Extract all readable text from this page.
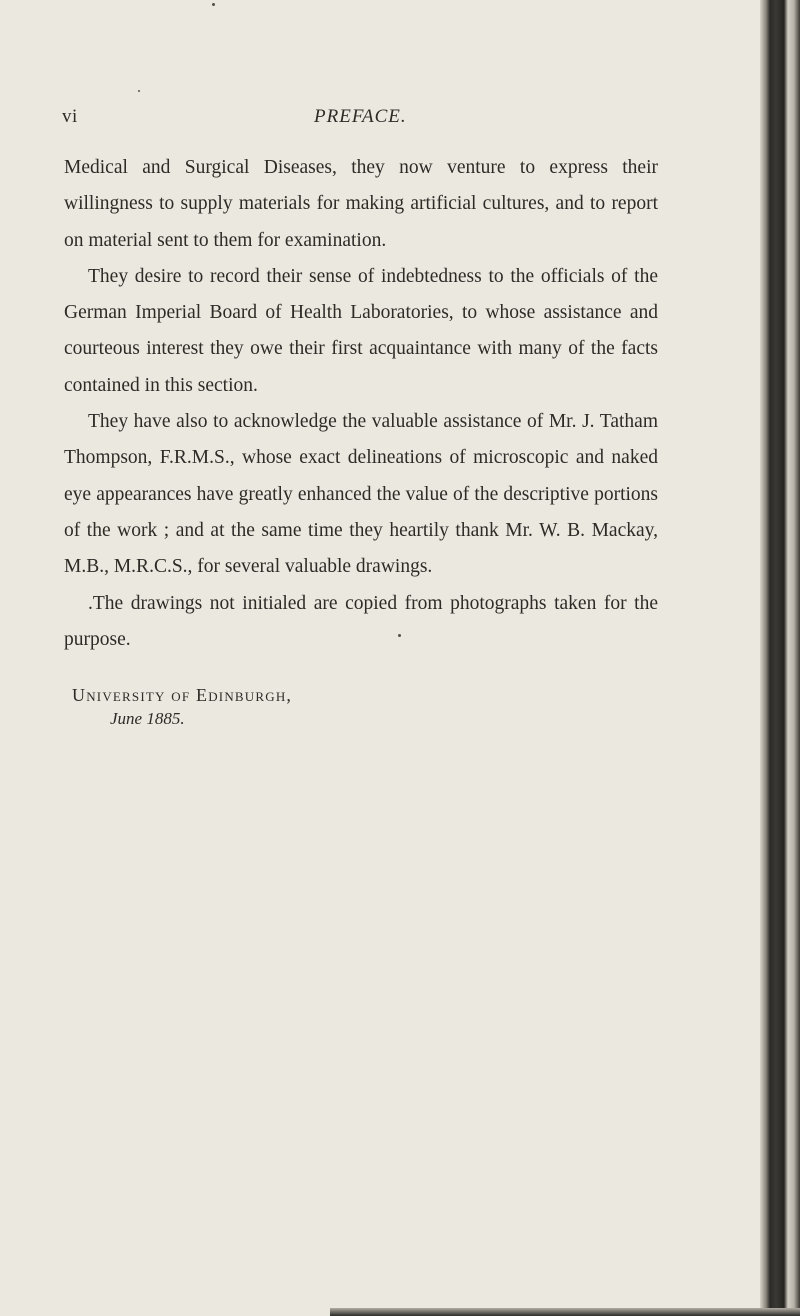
vi	PREFACE.

Medical and Surgical Diseases, they now venture to express their willingness to supply materials for making artificial cultures, and to report on material sent to them for examination.

They desire to record their sense of indebtedness to the officials of the German Imperial Board of Health Laboratories, to whose assistance and courteous interest they owe their first acquaintance with many of the facts contained in this section.

They have also to acknowledge the valuable assistance of Mr. J. Tatham Thompson, F.R.M.S., whose exact delineations of microscopic and naked eye appearances have greatly enhanced the value of the descriptive portions of the work ; and at the same time they heartily thank Mr. W. B. Mackay, M.B., M.R.C.S., for several valuable drawings.

.The drawings not initialed are copied from photographs taken for the purpose.

University of Edinburgh,
June 1885.
